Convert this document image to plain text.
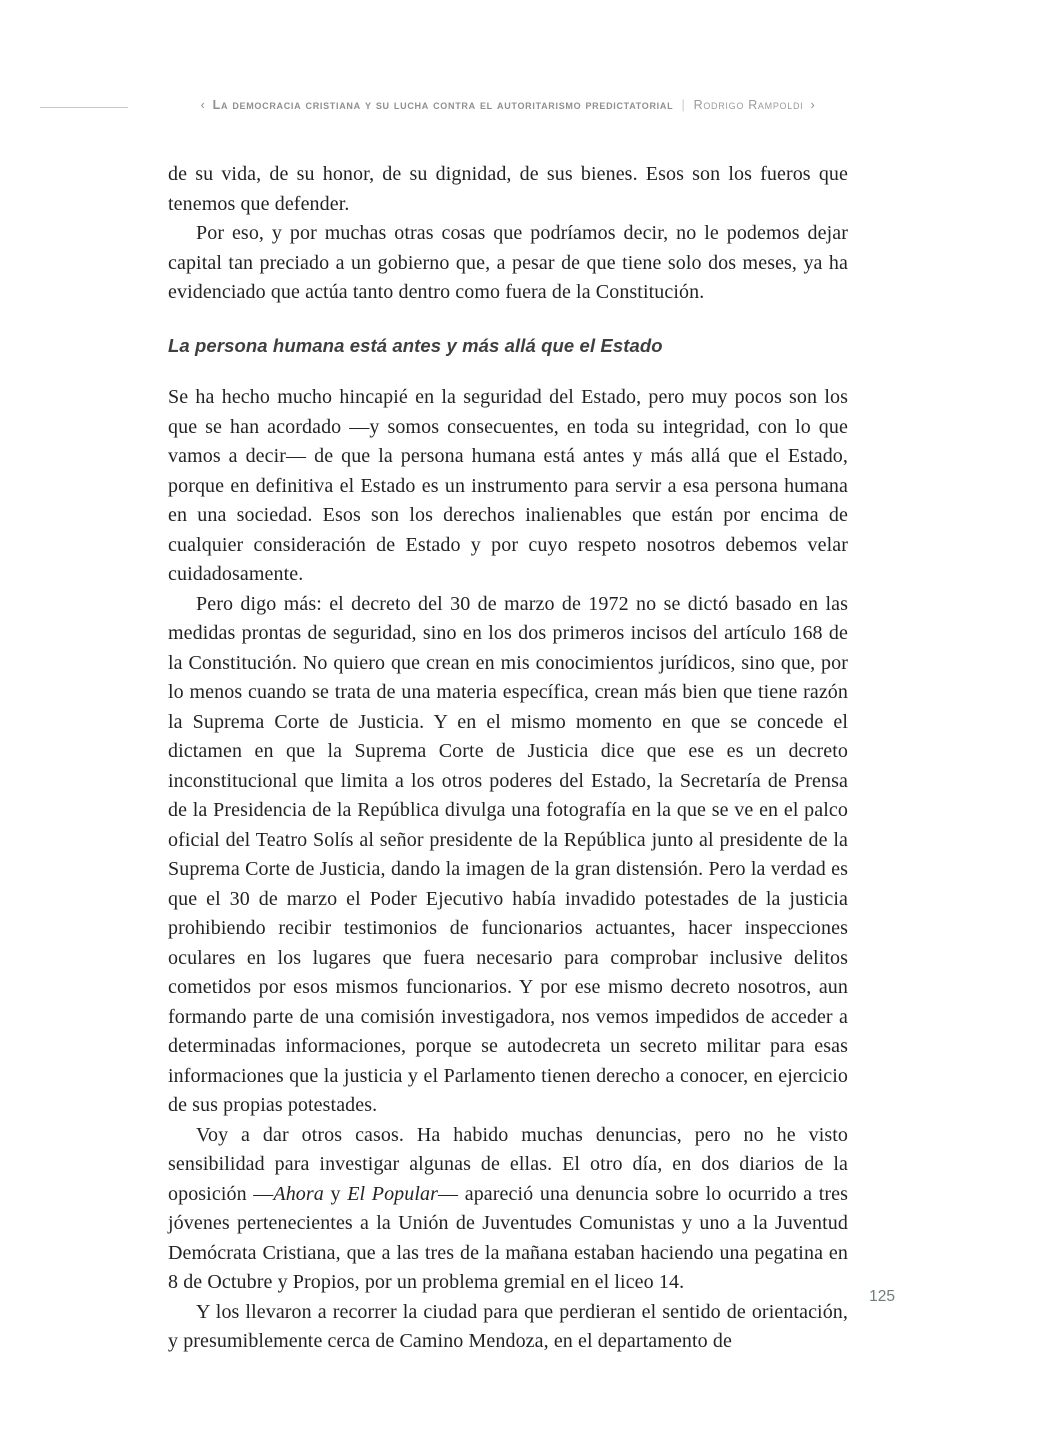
‹ La democracia cristiana y su lucha contra el autoritarismo predictatorial | Rodrigo Rampoldi ›

de su vida, de su honor, de su dignidad, de sus bienes. Esos son los fueros que tenemos que defender.

Por eso, y por muchas otras cosas que podríamos decir, no le podemos dejar capital tan preciado a un gobierno que, a pesar de que tiene solo dos meses, ya ha evidenciado que actúa tanto dentro como fuera de la Constitución.

La persona humana está antes y más allá que el Estado

Se ha hecho mucho hincapié en la seguridad del Estado, pero muy pocos son los que se han acordado —y somos consecuentes, en toda su integridad, con lo que vamos a decir— de que la persona humana está antes y más allá que el Estado, porque en definitiva el Estado es un instrumento para servir a esa persona humana en una sociedad. Esos son los derechos inalienables que están por encima de cualquier consideración de Estado y por cuyo respeto nosotros debemos velar cuidadosamente.

Pero digo más: el decreto del 30 de marzo de 1972 no se dictó basado en las medidas prontas de seguridad, sino en los dos primeros incisos del artículo 168 de la Constitución. No quiero que crean en mis conocimientos jurídicos, sino que, por lo menos cuando se trata de una materia específica, crean más bien que tiene razón la Suprema Corte de Justicia. Y en el mismo momento en que se concede el dictamen en que la Suprema Corte de Justicia dice que ese es un decreto inconstitucional que limita a los otros poderes del Estado, la Secretaría de Prensa de la Presidencia de la República divulga una fotografía en la que se ve en el palco oficial del Teatro Solís al señor presidente de la República junto al presidente de la Suprema Corte de Justicia, dando la imagen de la gran distensión. Pero la verdad es que el 30 de marzo el Poder Ejecutivo había invadido potestades de la justicia prohibiendo recibir testimonios de funcionarios actuantes, hacer inspecciones oculares en los lugares que fuera necesario para comprobar inclusive delitos cometidos por esos mismos funcionarios. Y por ese mismo decreto nosotros, aun formando parte de una comisión investigadora, nos vemos impedidos de acceder a determinadas informaciones, porque se autodecreta un secreto militar para esas informaciones que la justicia y el Parlamento tienen derecho a conocer, en ejercicio de sus propias potestades.

Voy a dar otros casos. Ha habido muchas denuncias, pero no he visto sensibilidad para investigar algunas de ellas. El otro día, en dos diarios de la oposición —Ahora y El Popular— apareció una denuncia sobre lo ocurrido a tres jóvenes pertenecientes a la Unión de Juventudes Comunistas y uno a la Juventud Demócrata Cristiana, que a las tres de la mañana estaban haciendo una pegatina en 8 de Octubre y Propios, por un problema gremial en el liceo 14.

Y los llevaron a recorrer la ciudad para que perdieran el sentido de orientación, y presumiblemente cerca de Camino Mendoza, en el departamento de

125
